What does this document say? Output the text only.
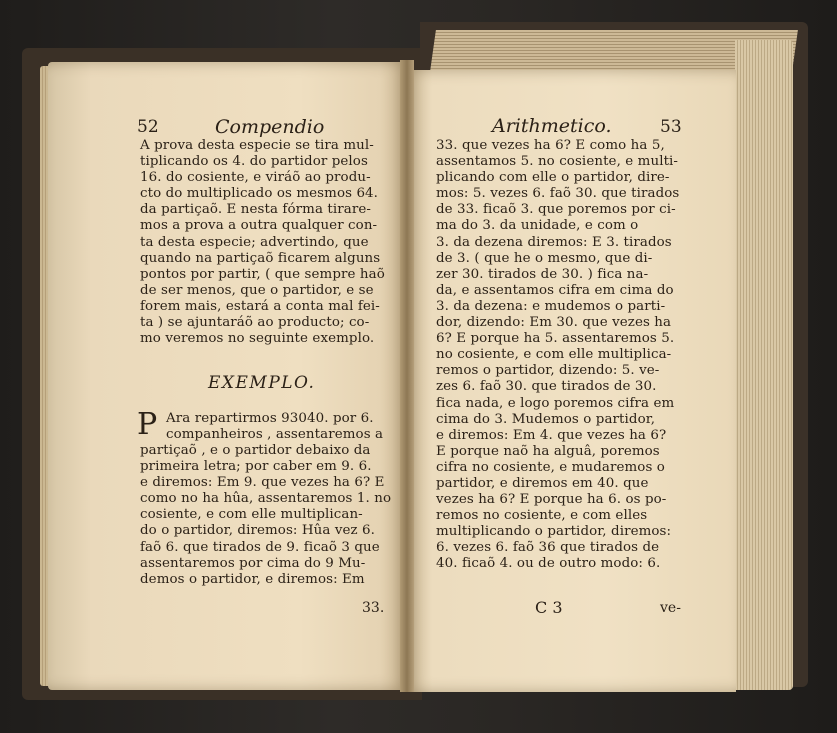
52	Compendio
A prova desta especie se tira mul-
tiplicando os 4. do partidor pelos
16. do cosiente, e viráõ ao produ-
cto do multiplicado os mesmos 64.
da partiçaõ. E nesta fórma tirare-
mos a prova a outra qualquer con-
ta desta especie; advertindo, que
quando na partiçaõ ficarem alguns
pontos por partir, ( que sempre haõ
de ser menos, que o partidor, e se
forem mais, estará a conta mal fei-
ta ) se ajuntaráõ ao producto; co-
mo veremos no seguinte exemplo.
EXEMPLO.
P Ara repartirmos 93040. por 6.
companheiros , assentaremos a
partiçaõ , e o partidor debaixo da
primeira letra; por caber em 9. 6.
e diremos: Em 9. que vezes ha 6? E
como no ha hûa, assentaremos 1. no
cosiente, e com elle multiplican-
do o partidor, diremos: Hûa vez 6.
faõ 6. que tirados de 9. ficaõ 3 que
assentaremos por cima do 9 Mu-
demos o partidor, e diremos: Em
33.
Arithmetico.	53
33. que vezes ha 6? E como ha 5,
assentamos 5. no cosiente, e multi-
plicando com elle o partidor, dire-
mos: 5. vezes 6. faõ 30. que tirados
de 33. ficaõ 3. que poremos por ci-
ma do 3. da unidade, e com o
3. da dezena diremos: E 3. tirados
de 3. ( que he o mesmo, que di-
zer 30. tirados de 30. ) fica na-
da, e assentamos cifra em cima do
3. da dezena: e mudemos o parti-
dor, dizendo: Em 30. que vezes ha
6? E porque ha 5. assentaremos 5.
no cosiente, e com elle multiplica-
remos o partidor, dizendo: 5. ve-
zes 6. faõ 30. que tirados de 30.
fica nada, e logo poremos cifra em
cima do 3. Mudemos o partidor,
e diremos: Em 4. que vezes ha 6?
E porque naõ ha alguâ, poremos
cifra no cosiente, e mudaremos o
partidor, e diremos em 40. que
vezes ha 6? E porque ha 6. os po-
remos no cosiente, e com elles
multiplicando o partidor, diremos:
6. vezes 6. faõ 36 que tirados de
40. ficaõ 4. ou de outro modo: 6.
C 3	ve-
